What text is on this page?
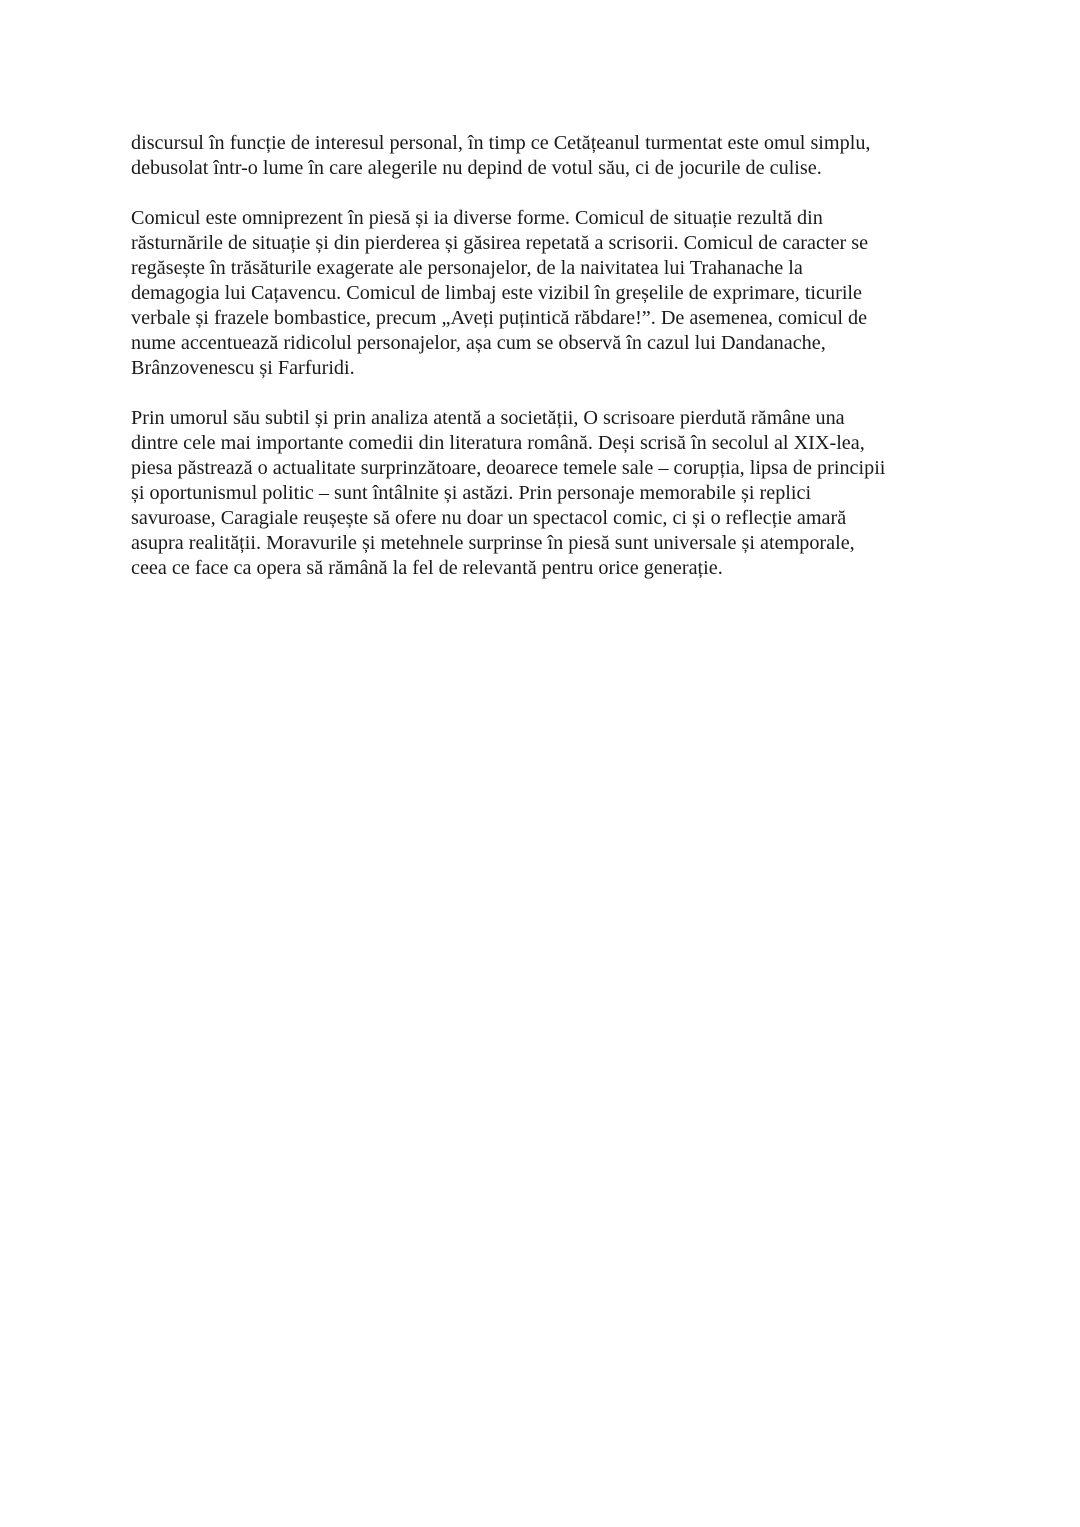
discursul în funcție de interesul personal, în timp ce Cetățeanul turmentat este omul simplu,
debusolat într-o lume în care alegerile nu depind de votul său, ci de jocurile de culise.

Comicul este omniprezent în piesă și ia diverse forme. Comicul de situație rezultă din
răsturnările de situație și din pierderea și găsirea repetată a scrisorii. Comicul de caracter se
regăsește în trăsăturile exagerate ale personajelor, de la naivitatea lui Trahanache la
demagogia lui Cațavencu. Comicul de limbaj este vizibil în greșelile de exprimare, ticurile
verbale și frazele bombastice, precum „Aveți puțintică răbdare!”. De asemenea, comicul de
nume accentuează ridicolul personajelor, așa cum se observă în cazul lui Dandanache,
Brânzovenescu și Farfuridi.

Prin umorul său subtil și prin analiza atentă a societății, O scrisoare pierdută rămâne una
dintre cele mai importante comedii din literatura română. Deși scrisă în secolul al XIX-lea,
piesa păstrează o actualitate surprinzătoare, deoarece temele sale – corupția, lipsa de principii
și oportunismul politic – sunt întâlnite și astăzi. Prin personaje memorabile și replici
savuroase, Caragiale reușește să ofere nu doar un spectacol comic, ci și o reflecție amară
asupra realității. Moravurile și metehnele surprinse în piesă sunt universale și atemporale,
ceea ce face ca opera să rămână la fel de relevantă pentru orice generație.
